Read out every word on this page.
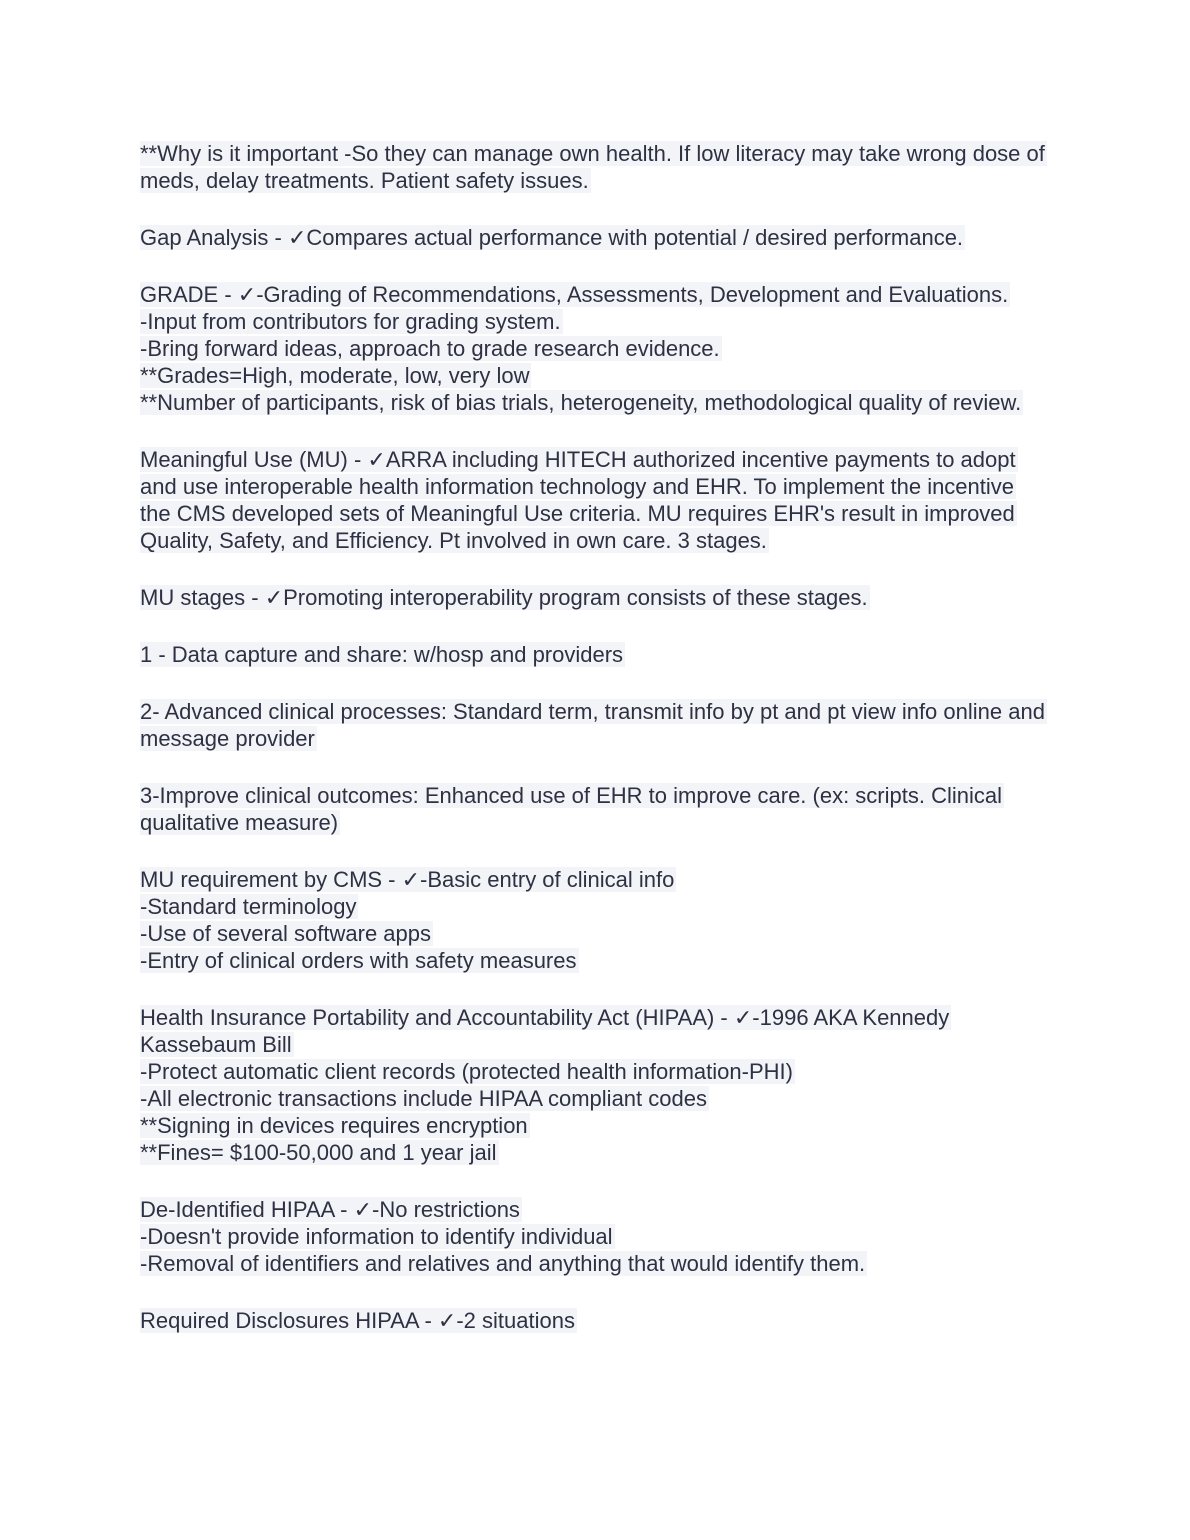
**Why is it important -So they can manage own health. If low literacy may take wrong dose of meds, delay treatments. Patient safety issues.
Gap Analysis - ✓Compares actual performance with potential / desired performance.
GRADE - ✓-Grading of Recommendations, Assessments, Development and Evaluations.
-Input from contributors for grading system.
-Bring forward ideas, approach to grade research evidence.
**Grades=High, moderate, low, very low
**Number of participants, risk of bias trials, heterogeneity, methodological quality of review.
Meaningful Use (MU) - ✓ARRA including HITECH authorized incentive payments to adopt and use interoperable health information technology and EHR. To implement the incentive the CMS developed sets of Meaningful Use criteria. MU requires EHR's result in improved Quality, Safety, and Efficiency. Pt involved in own care. 3 stages.
MU stages - ✓Promoting interoperability program consists of these stages.
1 - Data capture and share: w/hosp and providers
2- Advanced clinical processes: Standard term, transmit info by pt and pt view info online and message provider
3-Improve clinical outcomes: Enhanced use of EHR to improve care. (ex: scripts. Clinical qualitative measure)
MU requirement by CMS - ✓-Basic entry of clinical info
-Standard terminology
-Use of several software apps
-Entry of clinical orders with safety measures
Health Insurance Portability and Accountability Act (HIPAA) - ✓-1996 AKA Kennedy Kassebaum Bill
-Protect automatic client records (protected health information-PHI)
-All electronic transactions include HIPAA compliant codes
**Signing in devices requires encryption
**Fines= $100-50,000 and 1 year jail
De-Identified HIPAA - ✓-No restrictions
-Doesn't provide information to identify individual
-Removal of identifiers and relatives and anything that would identify them.
Required Disclosures HIPAA - ✓-2 situations
